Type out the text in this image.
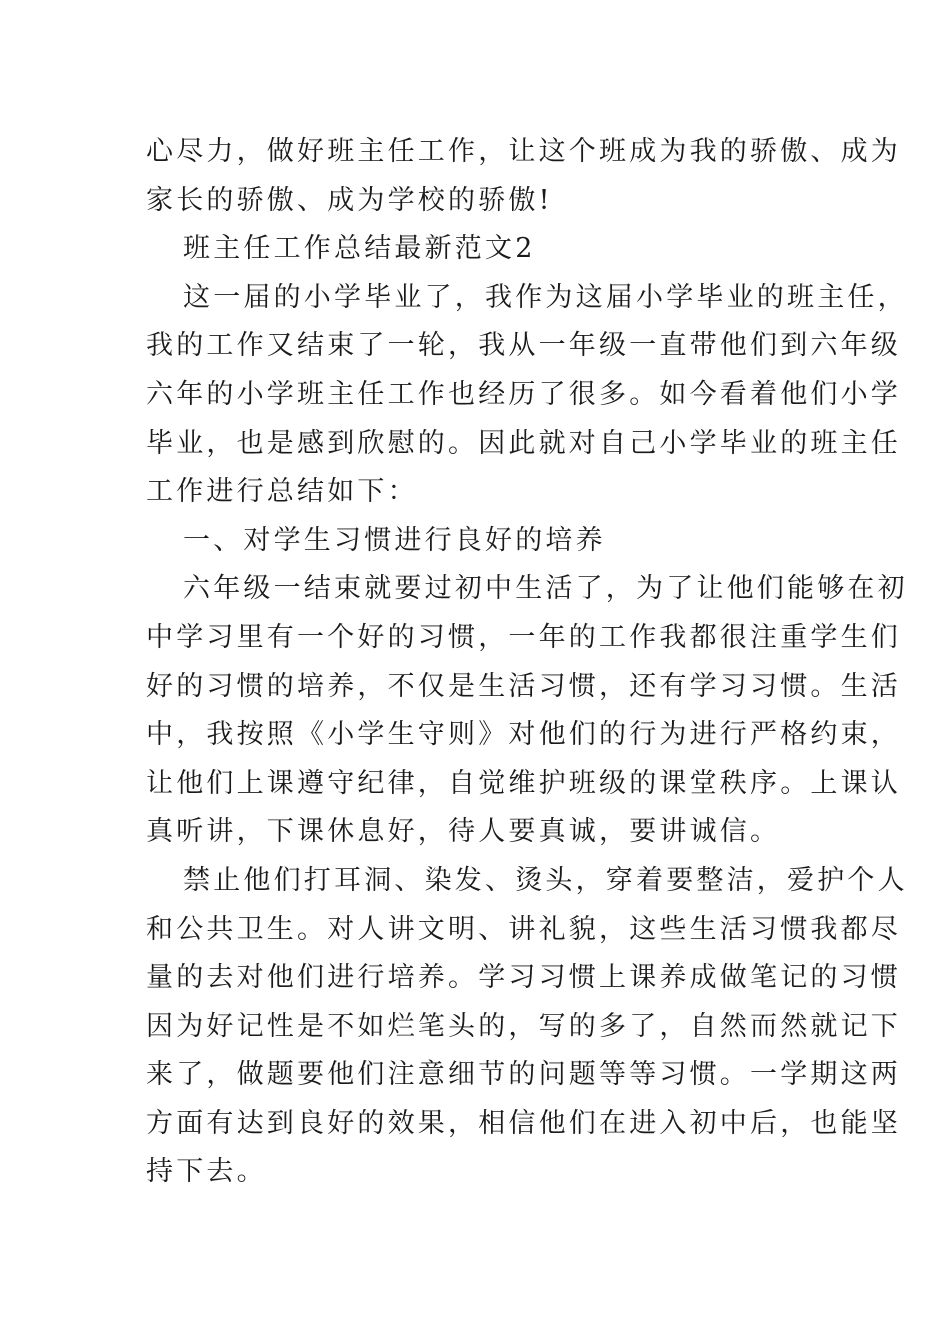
心尽力，做好班主任工作，让这个班成为我的骄傲、成为
家长的骄傲、成为学校的骄傲!
班主任工作总结最新范文2
这一届的小学毕业了，我作为这届小学毕业的班主任，
我的工作又结束了一轮，我从一年级一直带他们到六年级
六年的小学班主任工作也经历了很多。如今看着他们小学
毕业，也是感到欣慰的。因此就对自己小学毕业的班主任
工作进行总结如下：
一、对学生习惯进行良好的培养
六年级一结束就要过初中生活了，为了让他们能够在初
中学习里有一个好的习惯，一年的工作我都很注重学生们
好的习惯的培养，不仅是生活习惯，还有学习习惯。生活
中，我按照《小学生守则》对他们的行为进行严格约束，
让他们上课遵守纪律，自觉维护班级的课堂秩序。上课认
真听讲，下课休息好，待人要真诚，要讲诚信。
禁止他们打耳洞、染发、烫头，穿着要整洁，爱护个人
和公共卫生。对人讲文明、讲礼貌，这些生活习惯我都尽
量的去对他们进行培养。学习习惯上课养成做笔记的习惯
因为好记性是不如烂笔头的，写的多了，自然而然就记下
来了，做题要他们注意细节的问题等等习惯。一学期这两
方面有达到良好的效果，相信他们在进入初中后，也能坚
持下去。
